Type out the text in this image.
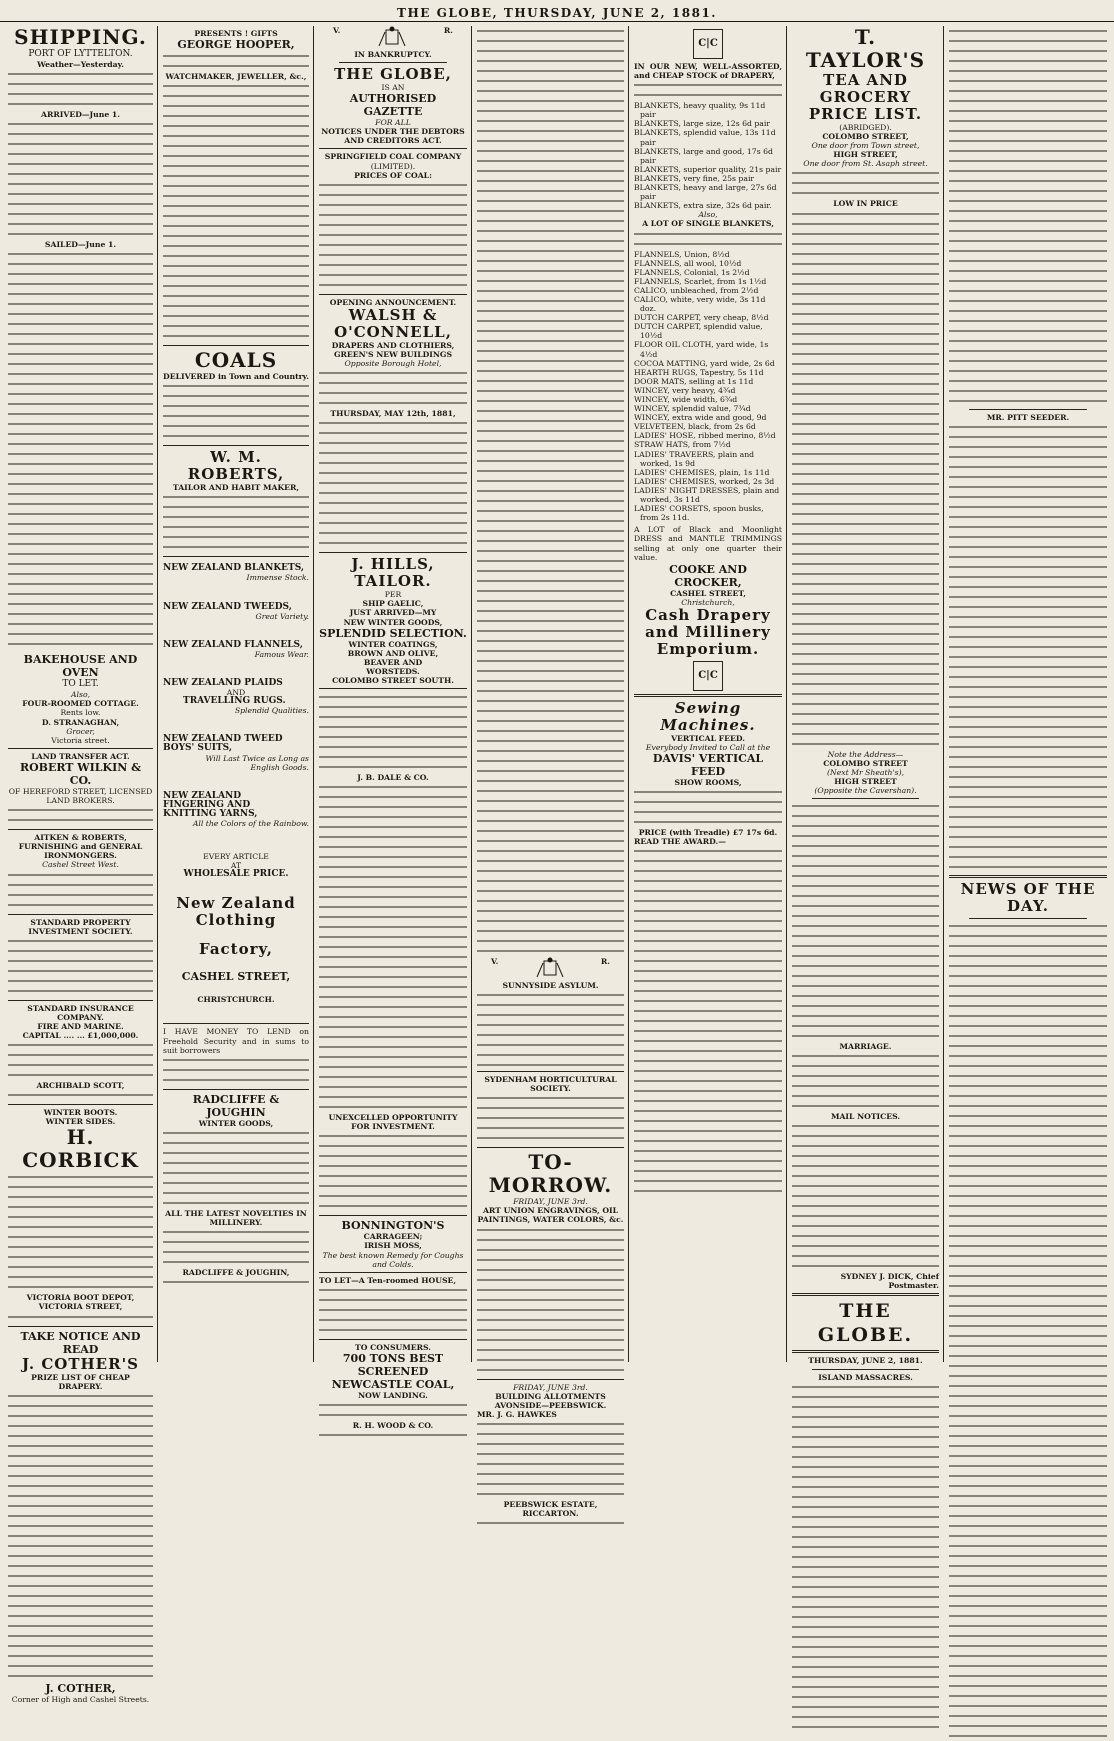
THE GLOBE, THURSDAY, JUNE 2, 1881.
SHIPPING.
PORT OF LYTTELTON.
Weather—Yesterday.
ARRIVED—June 1.
SAILED—June 1.
BAKEHOUSE AND OVEN
TO LET.
Also,
FOUR-ROOMED COTTAGE.
Rents low.
D. STRANAGHAN,
Grocer,
Victoria street.
LAND TRANSFER ACT.
ROBERT WILKIN & CO.
OF HEREFORD STREET, LICENSED LAND BROKERS.
AITKEN & ROBERTS,
FURNISHING and GENERAL IRONMONGERS.
Cashel Street West.
STANDARD PROPERTY INVESTMENT SOCIETY.
STANDARD INSURANCE COMPANY.
FIRE AND MARINE.
CAPITAL .... ... £1,000,000.
ARCHIBALD SCOTT,
WINTER BOOTS.
WINTER SIDES.
H. CORBICK
VICTORIA BOOT DEPOT, VICTORIA STREET,
TAKE NOTICE AND READ
J. COTHER'S
PRIZE LIST OF CHEAP DRAPERY.
J. COTHER,
Corner of High and Cashel Streets.
PRESENTS ! GIFTS
GEORGE HOOPER,
WATCHMAKER, JEWELLER, &c.,
COALS
DELIVERED in Town and Country.
W. M. ROBERTS,
TAILOR AND HABIT MAKER,
NEW ZEALAND BLANKETS,
Immense Stock.
NEW ZEALAND TWEEDS,
Great Variety.
NEW ZEALAND FLANNELS,
Famous Wear.
NEW ZEALAND PLAIDS
AND
TRAVELLING RUGS.
Splendid Qualities.
NEW ZEALAND TWEED
BOYS' SUITS,
Will Last Twice as Long as
English Goods.
NEW ZEALAND
FINGERING AND
KNITTING YARNS,
All the Colors of the Rainbow.
EVERY ARTICLE
AT
WHOLESALE PRICE.
New Zealand Clothing
Factory,
CASHEL STREET,
CHRISTCHURCH.
I HAVE MONEY TO LEND on Freehold Security and in sums to suit borrowers
RADCLIFFE & JOUGHIN
WINTER GOODS,
ALL THE LATEST NOVELTIES IN MILLINERY.
RADCLIFFE & JOUGHIN,
V.	R.
IN BANKRUPTCY.
THE GLOBE,
IS AN
AUTHORISED GAZETTE
FOR ALL
NOTICES UNDER THE DEBTORS AND CREDITORS ACT.
SPRINGFIELD COAL COMPANY
(LIMITED).
PRICES OF COAL:
OPENING ANNOUNCEMENT.
WALSH & O'CONNELL,
DRAPERS AND CLOTHIERS,
GREEN'S NEW BUILDINGS
Opposite Borough Hotel,
THURSDAY, MAY 12th, 1881,
J. HILLS, TAILOR.
PER
SHIP GAELIC,
JUST ARRIVED—MY
NEW WINTER GOODS,
SPLENDID SELECTION.
WINTER COATINGS,
BROWN AND OLIVE,
BEAVER AND
WORSTEDS.
COLOMBO STREET SOUTH.
J. B. DALE & CO.
UNEXCELLED OPPORTUNITY FOR INVESTMENT.
BONNINGTON'S
CARRAGEEN;
IRISH MOSS,
The best known Remedy for Coughs and Colds.
TO LET—A Ten-roomed HOUSE,
TO CONSUMERS.
700 TONS BEST SCREENED NEWCASTLE COAL,
NOW LANDING.
R. H. WOOD & CO.
V.	R.
SUNNYSIDE ASYLUM.
SYDENHAM HORTICULTURAL SOCIETY.
TO-MORROW.
FRIDAY, JUNE 3rd.
ART UNION ENGRAVINGS, OIL PAINTINGS, WATER COLORS, &c.
FRIDAY, JUNE 3rd.
BUILDING ALLOTMENTS
AVONSIDE—PEEBSWICK.
MR. J. G. HAWKES
PEEBSWICK ESTATE, RICCARTON.
C|C
IN OUR NEW, WELL-ASSORTED, and CHEAP STOCK of DRAPERY,
BLANKETS, heavy quality, 9s 11d pair
BLANKETS, large size, 12s 6d pair
BLANKETS, splendid value, 13s 11d pair
BLANKETS, large and good, 17s 6d pair
BLANKETS, superior quality, 21s pair
BLANKETS, very fine, 25s pair
BLANKETS, heavy and large, 27s 6d pair
BLANKETS, extra size, 32s 6d pair.
Also,
A LOT OF SINGLE BLANKETS,
FLANNELS, Union, 8½d
FLANNELS, all wool, 10½d
FLANNELS, Colonial, 1s 2½d
FLANNELS, Scarlet, from 1s 1½d
CALICO, unbleached, from 2½d
CALICO, white, very wide, 3s 11d doz.
DUTCH CARPET, very cheap, 8½d
DUTCH CARPET, splendid value, 10½d
FLOOR OIL CLOTH, yard wide, 1s 4½d
COCOA MATTING, yard wide, 2s 6d
HEARTH RUGS, Tapestry, 5s 11d
DOOR MATS, selling at 1s 11d
WINCEY, very heavy, 4¾d
WINCEY, wide width, 6¾d
WINCEY, splendid value, 7¾d
WINCEY, extra wide and good, 9d
VELVETEEN, black, from 2s 6d
LADIES' HOSE, ribbed merino, 8½d
STRAW HATS, from 7½d
LADIES' TRAVEERS, plain and worked, 1s 9d
LADIES' CHEMISES, plain, 1s 11d
LADIES' CHEMISES, worked, 2s 3d
LADIES' NIGHT DRESSES, plain and worked, 3s 11d
LADIES' CORSETS, spoon busks, from 2s 11d.
A LOT of Black and Moonlight DRESS and MANTLE TRIMMINGS selling at only one quarter their value.
COOKE AND CROCKER,
CASHEL STREET,
Christchurch,
Cash Drapery and Millinery Emporium.
C|C
Sewing Machines.
VERTICAL FEED.
Everybody Invited to Call at the
DAVIS' VERTICAL FEED
SHOW ROOMS,
PRICE (with Treadle) £7 17s 6d.
READ THE AWARD.—
T. TAYLOR'S
TEA AND GROCERY
PRICE LIST.
(ABRIDGED).
COLOMBO STREET,
One door from Town street,
HIGH STREET,
One door from St. Asaph street.
LOW IN PRICE
Note the Address—
COLOMBO STREET
(Next Mr Sheath's),
HIGH STREET
(Opposite the Cavershan).
MARRIAGE.
MAIL NOTICES.
SYDNEY J. DICK, Chief Postmaster.
THE GLOBE.
THURSDAY, JUNE 2, 1881.
ISLAND MASSACRES.
MR. PITT SEEDER.
NEWS OF THE DAY.
